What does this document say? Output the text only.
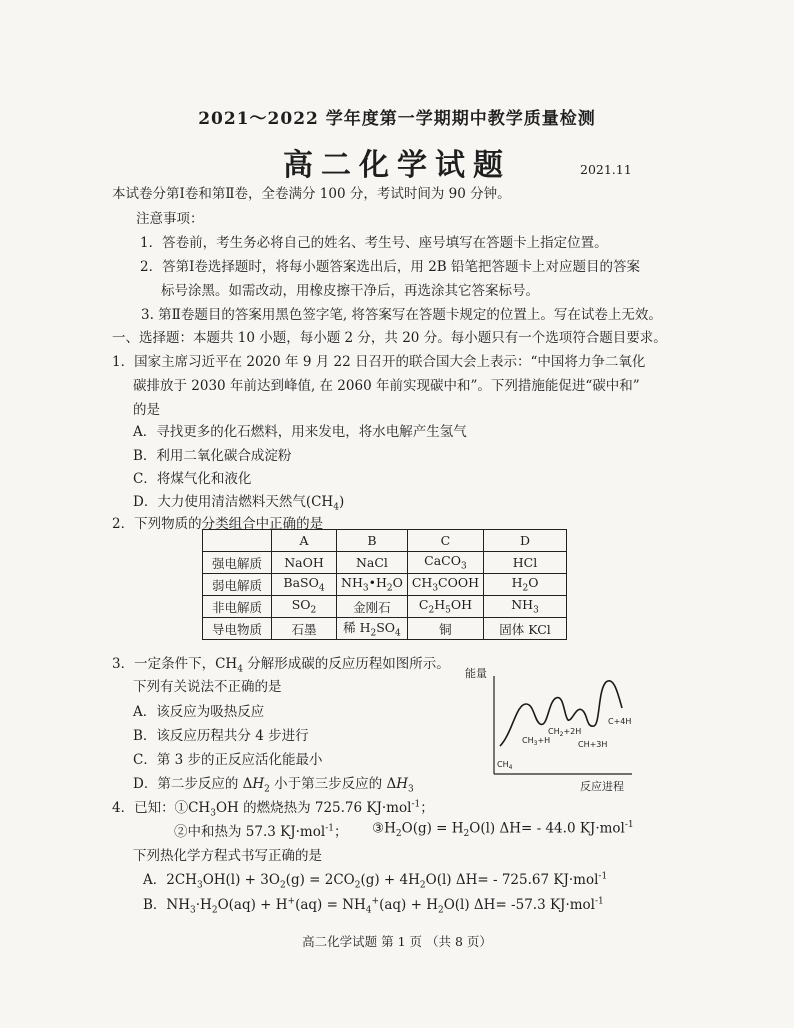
2021～2022 学年度第一学期期中教学质量检测
高二化学试题	2021.11
本试卷分第Ⅰ卷和第Ⅱ卷，全卷满分 100 分，考试时间为 90 分钟。
注意事项：
1．答卷前，考生务必将自己的姓名、考生号、座号填写在答题卡上指定位置。
2．答第Ⅰ卷选择题时，将每小题答案选出后，用 2B 铅笔把答题卡上对应题目的答案
标号涂黑。如需改动，用橡皮擦干净后，再选涂其它答案标号。
3. 第Ⅱ卷题目的答案用黑色签字笔, 将答案写在答题卡规定的位置上。写在试卷上无效。
一、选择题：本题共 10 小题，每小题 2 分，共 20 分。每小题只有一个选项符合题目要求。
1．国家主席习近平在 2020 年 9 月 22 日召开的联合国大会上表示：“中国将力争二氧化
碳排放于 2030 年前达到峰值, 在 2060 年前实现碳中和”。下列措施能促进“碳中和”
的是
A．寻找更多的化石燃料，用来发电，将水电解产生氢气
B．利用二氧化碳合成淀粉
C．将煤气化和液化
D．大力使用清洁燃料天然气$(CH_4)$
2．下列物质的分类组合中正确的是
	A	B	C	D
强电解质	NaOH	NaCl	CaCO$_3$	HCl
弱电解质	BaSO$_4$	$NH_3•H_2O$	$CH_3COOH$	$H_2O$
非电解质	$SO_2$	金刚石	$C_2H_5OH$	$NH_3$
导电物质	石墨	稀 $H_2SO_4$	铜	固体 KCl
3．一定条件下，$CH_4$ 分解形成碳的反应历程如图所示。
下列有关说法不正确的是
A．该反应为吸热反应
B．该反应历程共分 4 步进行
C．第 3 步的正反应活化能最小
D．第二步反应的 $\Delta H_2$ 小于第三步反应的 $\Delta H_3$
能量
$CH_4$
$CH_3+H$
$CH_2+2H$
CH+3H
C+4H
反应进程
4．已知：$①CH_3OH$ 的燃烧热为 725.76 KJ·mol$^{-1}$；
②中和热为 57.3 KJ·mol$^{-1}$； $③H_2O(g) = H_2O(l)$ ΔH= - 44.0 KJ·mol$^{-1}$
下列热化学方程式书写正确的是
A．$2CH_3OH(l) + 3O_2(g) = 2CO_2(g) + 4H_2O(l)$ ΔH= - 725.67 KJ·mol$^{-1}$
B．$NH_3\cdot H_2O(aq) + H^+(aq) = NH_4^+(aq) + H_2O(l)$ ΔH= -57.3 KJ·mol$^{-1}$
高二化学试题 第 1 页 （共 8 页）
